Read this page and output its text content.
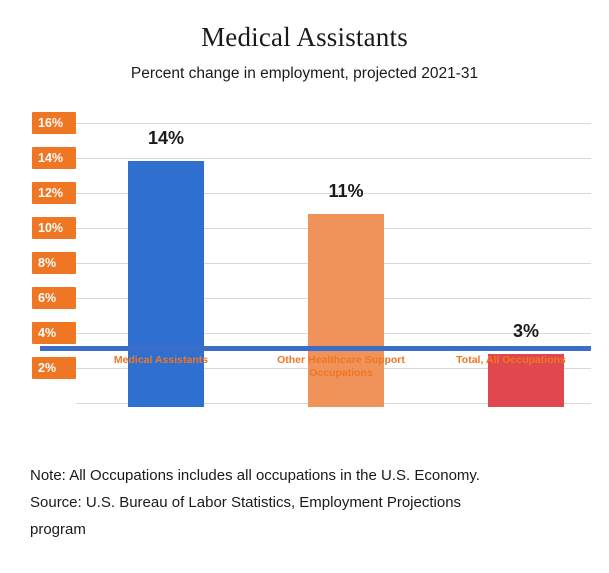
Medical Assistants

Percent change in employment, projected 2021-31

16%
14%
12%
10%
8%
6%
4%
2%
14%
11%
3%
Medical Assistants	Other Healthcare Support Occupations
Total, All Occupations
Note: All Occupations includes all occupations in the U.S. Economy.
Source: U.S. Bureau of Labor Statistics, Employment Projections
program
